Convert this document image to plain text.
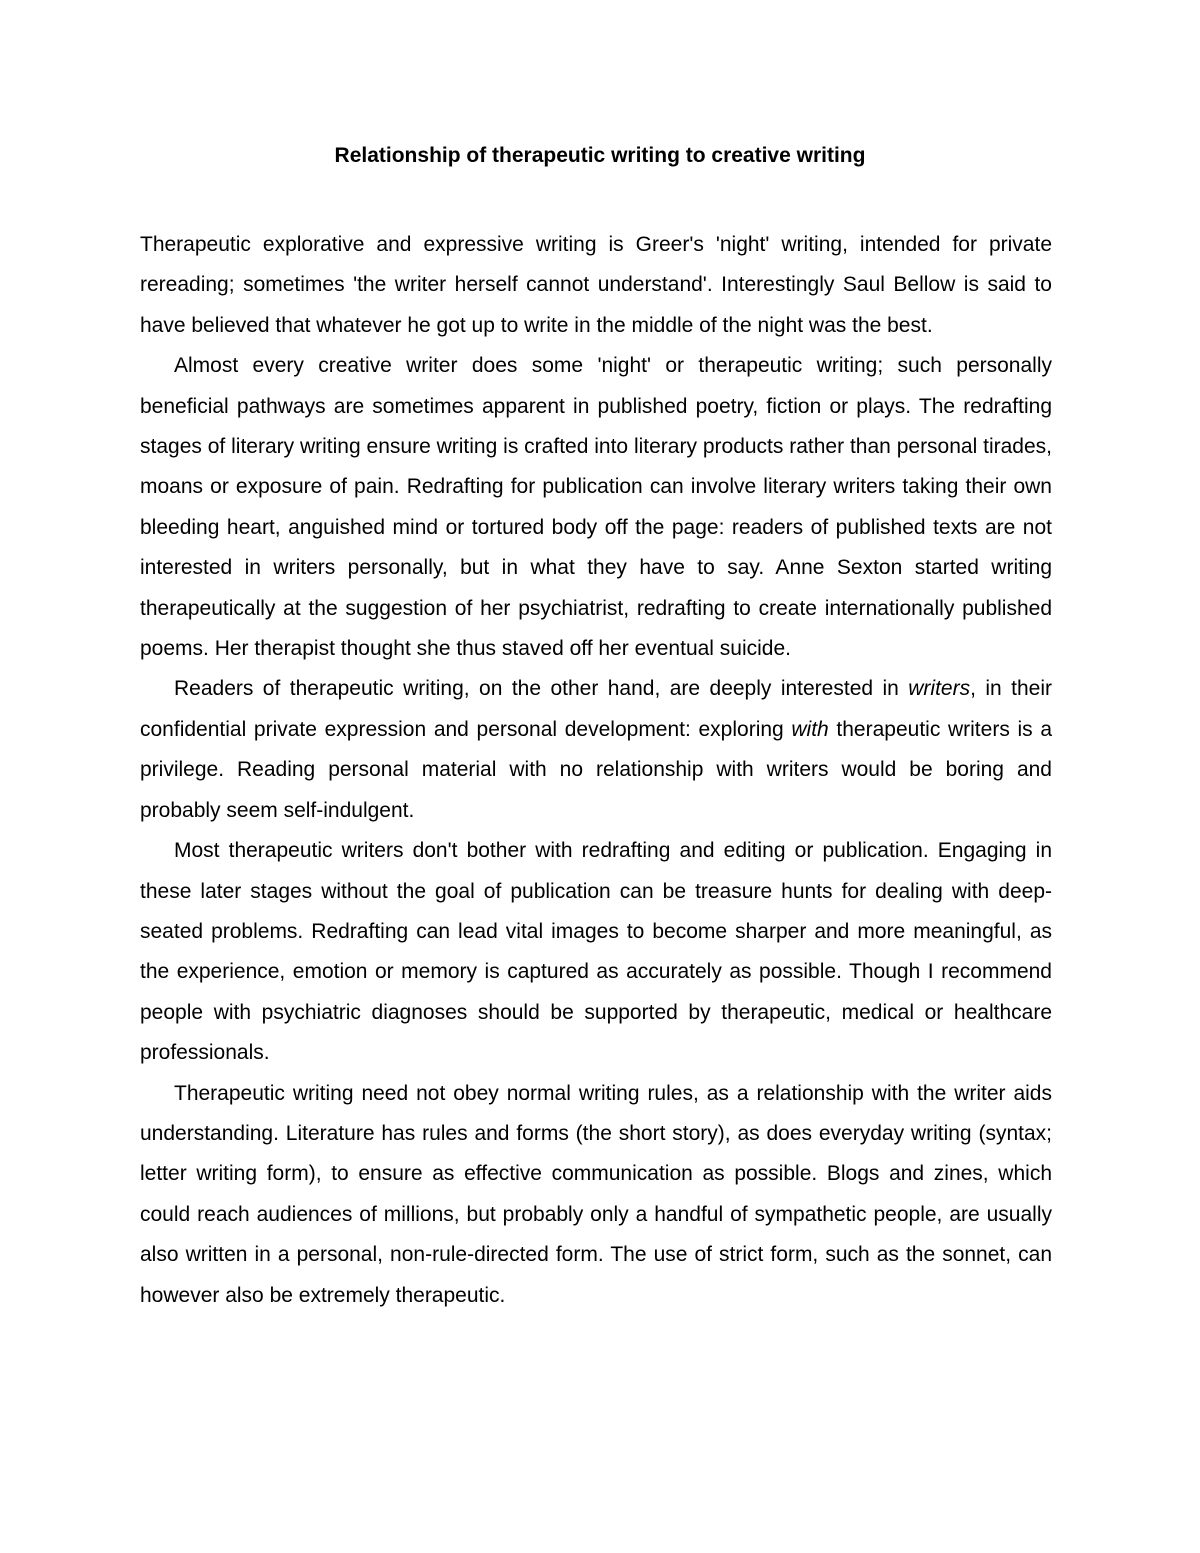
Relationship of therapeutic writing to creative writing

Therapeutic explorative and expressive writing is Greer's 'night' writing, intended for private rereading; sometimes 'the writer herself cannot understand'. Interestingly Saul Bellow is said to have believed that whatever he got up to write in the middle of the night was the best.

Almost every creative writer does some 'night' or therapeutic writing; such personally beneficial pathways are sometimes apparent in published poetry, fiction or plays. The redrafting stages of literary writing ensure writing is crafted into literary products rather than personal tirades, moans or exposure of pain. Redrafting for publication can involve literary writers taking their own bleeding heart, anguished mind or tortured body off the page: readers of published texts are not interested in writers personally, but in what they have to say. Anne Sexton started writing therapeutically at the suggestion of her psychiatrist, redrafting to create internationally published poems. Her therapist thought she thus staved off her eventual suicide.

Readers of therapeutic writing, on the other hand, are deeply interested in writers, in their confidential private expression and personal development: exploring with therapeutic writers is a privilege. Reading personal material with no relationship with writers would be boring and probably seem self-indulgent.

Most therapeutic writers don't bother with redrafting and editing or publication. Engaging in these later stages without the goal of publication can be treasure hunts for dealing with deep-seated problems. Redrafting can lead vital images to become sharper and more meaningful, as the experience, emotion or memory is captured as accurately as possible. Though I recommend people with psychiatric diagnoses should be supported by therapeutic, medical or healthcare professionals.

Therapeutic writing need not obey normal writing rules, as a relationship with the writer aids understanding. Literature has rules and forms (the short story), as does everyday writing (syntax; letter writing form), to ensure as effective communication as possible. Blogs and zines, which could reach audiences of millions, but probably only a handful of sympathetic people, are usually also written in a personal, non-rule-directed form. The use of strict form, such as the sonnet, can however also be extremely therapeutic.
